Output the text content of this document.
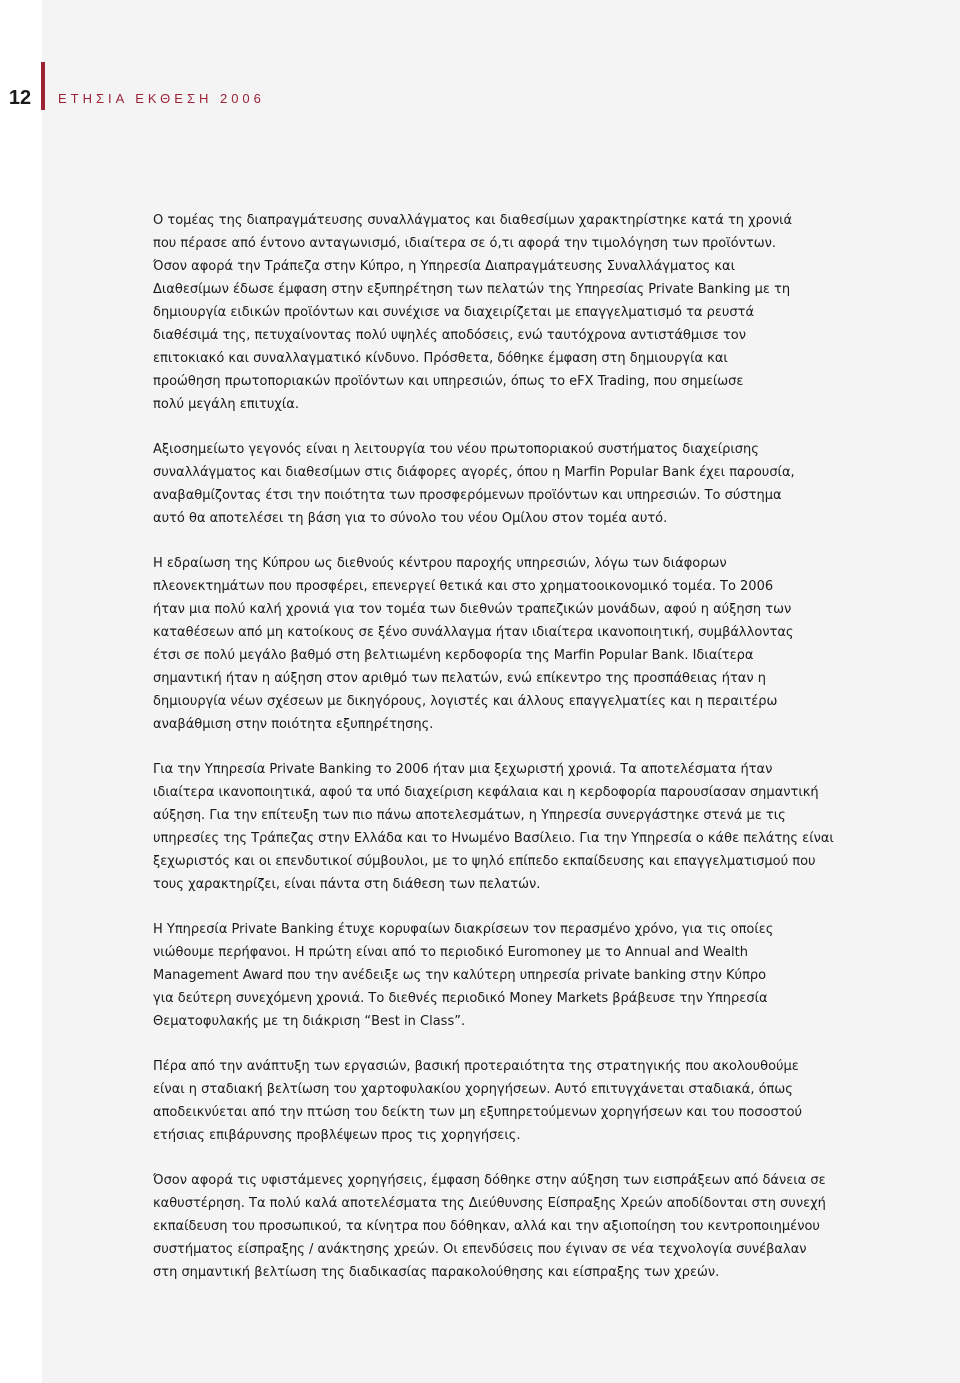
12	ΕΤΗΣΙΑ ΕΚΘΕΣΗ 2006

Ο τομέας της διαπραγμάτευσης συναλλάγματος και διαθεσίμων χαρακτηρίστηκε κατά τη χρονιά
που πέρασε από έντονο ανταγωνισμό, ιδιαίτερα σε ό,τι αφορά την τιμολόγηση των προϊόντων.
Όσον αφορά την Τράπεζα στην Κύπρο, η Υπηρεσία Διαπραγμάτευσης Συναλλάγματος και
Διαθεσίμων έδωσε έμφαση στην εξυπηρέτηση των πελατών της Υπηρεσίας Private Banking με τη
δημιουργία ειδικών προϊόντων και συνέχισε να διαχειρίζεται με επαγγελματισμό τα ρευστά
διαθέσιμά της, πετυχαίνοντας πολύ υψηλές αποδόσεις, ενώ ταυτόχρονα αντιστάθμισε τον
επιτοκιακό και συναλλαγματικό κίνδυνο. Πρόσθετα, δόθηκε έμφαση στη δημιουργία και
προώθηση πρωτοποριακών προϊόντων και υπηρεσιών, όπως το eFX Trading, που σημείωσε
πολύ μεγάλη επιτυχία.

Αξιοσημείωτο γεγονός είναι η λειτουργία του νέου πρωτοποριακού συστήματος διαχείρισης
συναλλάγματος και διαθεσίμων στις διάφορες αγορές, όπου η Marfin Popular Bank έχει παρουσία,
αναβαθμίζοντας έτσι την ποιότητα των προσφερόμενων προϊόντων και υπηρεσιών. Το σύστημα
αυτό θα αποτελέσει τη βάση για το σύνολο του νέου Ομίλου στον τομέα αυτό.

Η εδραίωση της Κύπρου ως διεθνούς κέντρου παροχής υπηρεσιών, λόγω των διάφορων
πλεονεκτημάτων που προσφέρει, επενεργεί θετικά και στο χρηματοοικονομικό τομέα. Το 2006
ήταν μια πολύ καλή χρονιά για τον τομέα των διεθνών τραπεζικών μονάδων, αφού η αύξηση των
καταθέσεων από μη κατοίκους σε ξένο συνάλλαγμα ήταν ιδιαίτερα ικανοποιητική, συμβάλλοντας
έτσι σε πολύ μεγάλο βαθμό στη βελτιωμένη κερδοφορία της Marfin Popular Bank. Ιδιαίτερα
σημαντική ήταν η αύξηση στον αριθμό των πελατών, ενώ επίκεντρο της προσπάθειας ήταν η
δημιουργία νέων σχέσεων με δικηγόρους, λογιστές και άλλους επαγγελματίες και η περαιτέρω
αναβάθμιση στην ποιότητα εξυπηρέτησης.

Για την Υπηρεσία Private Banking το 2006 ήταν μια ξεχωριστή χρονιά. Τα αποτελέσματα ήταν
ιδιαίτερα ικανοποιητικά, αφού τα υπό διαχείριση κεφάλαια και η κερδοφορία παρουσίασαν σημαντική
αύξηση. Για την επίτευξη των πιο πάνω αποτελεσμάτων, η Υπηρεσία συνεργάστηκε στενά με τις
υπηρεσίες της Τράπεζας στην Ελλάδα και το Ηνωμένο Βασίλειο. Για την Υπηρεσία ο κάθε πελάτης είναι
ξεχωριστός και οι επενδυτικοί σύμβουλοι, με το ψηλό επίπεδο εκπαίδευσης και επαγγελματισμού που
τους χαρακτηρίζει, είναι πάντα στη διάθεση των πελατών.

Η Υπηρεσία Private Banking έτυχε κορυφαίων διακρίσεων τον περασμένο χρόνο, για τις οποίες
νιώθουμε περήφανοι. Η πρώτη είναι από το περιοδικό Euromoney με το Annual and Wealth
Management Award που την ανέδειξε ως την καλύτερη υπηρεσία private banking στην Κύπρο
για δεύτερη συνεχόμενη χρονιά. Το διεθνές περιοδικό Money Markets βράβευσε την Υπηρεσία
Θεματοφυλακής με τη διάκριση “Best in Class”.

Πέρα από την ανάπτυξη των εργασιών, βασική προτεραιότητα της στρατηγικής που ακολουθούμε
είναι η σταδιακή βελτίωση του χαρτοφυλακίου χορηγήσεων. Αυτό επιτυγχάνεται σταδιακά, όπως
αποδεικνύεται από την πτώση του δείκτη των μη εξυπηρετούμενων χορηγήσεων και του ποσοστού
ετήσιας επιβάρυνσης προβλέψεων προς τις χορηγήσεις.

Όσον αφορά τις υφιστάμενες χορηγήσεις, έμφαση δόθηκε στην αύξηση των εισπράξεων από δάνεια σε
καθυστέρηση. Τα πολύ καλά αποτελέσματα της Διεύθυνσης Είσπραξης Χρεών αποδίδονται στη συνεχή
εκπαίδευση του προσωπικού, τα κίνητρα που δόθηκαν, αλλά και την αξιοποίηση του κεντροποιημένου
συστήματος είσπραξης / ανάκτησης χρεών. Οι επενδύσεις που έγιναν σε νέα τεχνολογία συνέβαλαν
στη σημαντική βελτίωση της διαδικασίας παρακολούθησης και είσπραξης των χρεών.
